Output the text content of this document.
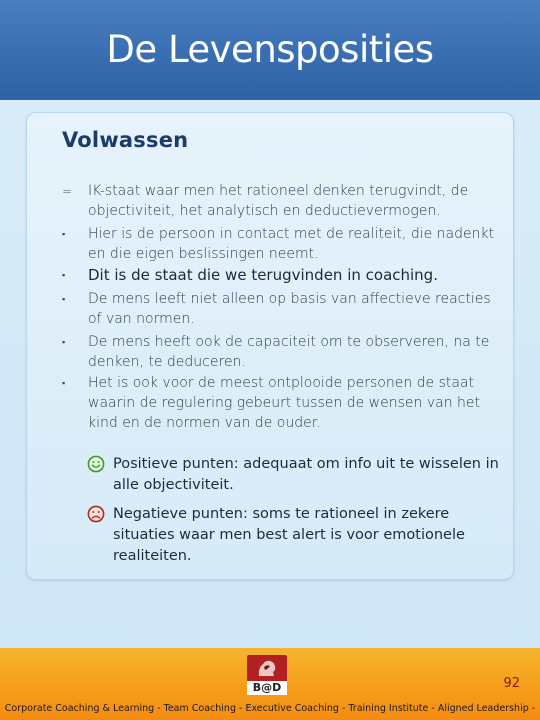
De Levensposities
Volwassen
=	IK-staat waar men het rationeel denken terugvindt, de objectiviteit, het analytisch en deductievermogen.
▪	Hier is de persoon in contact met de realiteit, die nadenkt en die eigen beslissingen neemt.
▪	Dit is de staat die we terugvinden in coaching.
▪	De mens leeft niet alleen op basis van affectieve reacties of van normen.
▪	De mens heeft ook de capaciteit om te observeren, na te denken, te deduceren.
▪	Het is ook voor de meest ontplooide personen de staat waarin de regulering gebeurt tussen de wensen van het kind en de normen van de ouder.
Positieve punten: adequaat om info uit te wisselen in alle objectiviteit.
Negatieve punten: soms te rationeel in zekere situaties waar men best alert is voor emotionele realiteiten.
B@D	92
Corporate Coaching & Learning - Team Coaching - Executive Coaching - Training Institute - Aligned Leadership -
